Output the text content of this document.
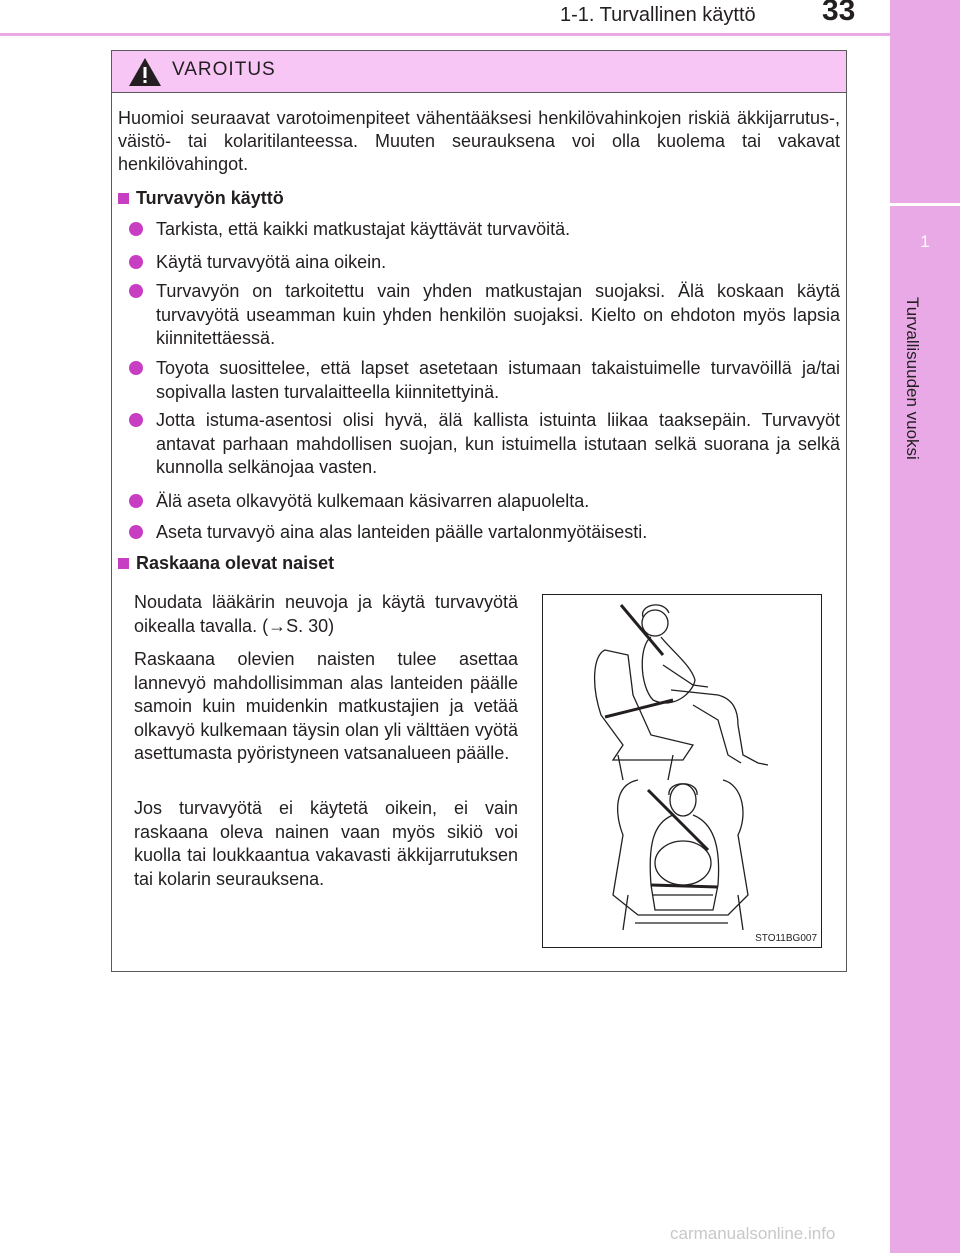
1-1. Turvallinen käyttö	33
1
Turvallisuuden vuoksi
VAROITUS
Huomioi seuraavat varotoimenpiteet vähentääksesi henkilövahinkojen riskiä äkkijarrutus-, väistö- tai kolaritilanteessa. Muuten seurauksena voi olla kuolema tai vakavat henkilövahingot.
Turvavyön käyttö
Tarkista, että kaikki matkustajat käyttävät turvavöitä.
Käytä turvavyötä aina oikein.
Turvavyön on tarkoitettu vain yhden matkustajan suojaksi. Älä koskaan käytä turvavyötä useamman kuin yhden henkilön suojaksi. Kielto on ehdoton myös lapsia kiinnitettäessä.
Toyota suosittelee, että lapset asetetaan istumaan takaistuimelle turvavöillä ja/tai sopivalla lasten turvalaitteella kiinnitettyinä.
Jotta istuma-asentosi olisi hyvä, älä kallista istuinta liikaa taaksepäin. Turvavyöt antavat parhaan mahdollisen suojan, kun istuimella istutaan selkä suorana ja selkä kunnolla selkänojaa vasten.
Älä aseta olkavyötä kulkemaan käsivarren alapuolelta.
Aseta turvavyö aina alas lanteiden päälle vartalonmyötäisesti.
Raskaana olevat naiset
Noudata lääkärin neuvoja ja käytä turvavyötä oikealla tavalla. (→S. 30)
Raskaana olevien naisten tulee asettaa lannevyö mahdollisimman alas lanteiden päälle samoin kuin muidenkin matkustajien ja vetää olkavyö kulkemaan täysin olan yli välttäen vyötä asettumasta pyöristyneen vatsanalueen päälle.
Jos turvavyötä ei käytetä oikein, ei vain raskaana oleva nainen vaan myös sikiö voi kuolla tai loukkaantua vakavasti äkkijarrutuksen tai kolarin seurauksena.
STO11BG007
carmanualsonline.info
